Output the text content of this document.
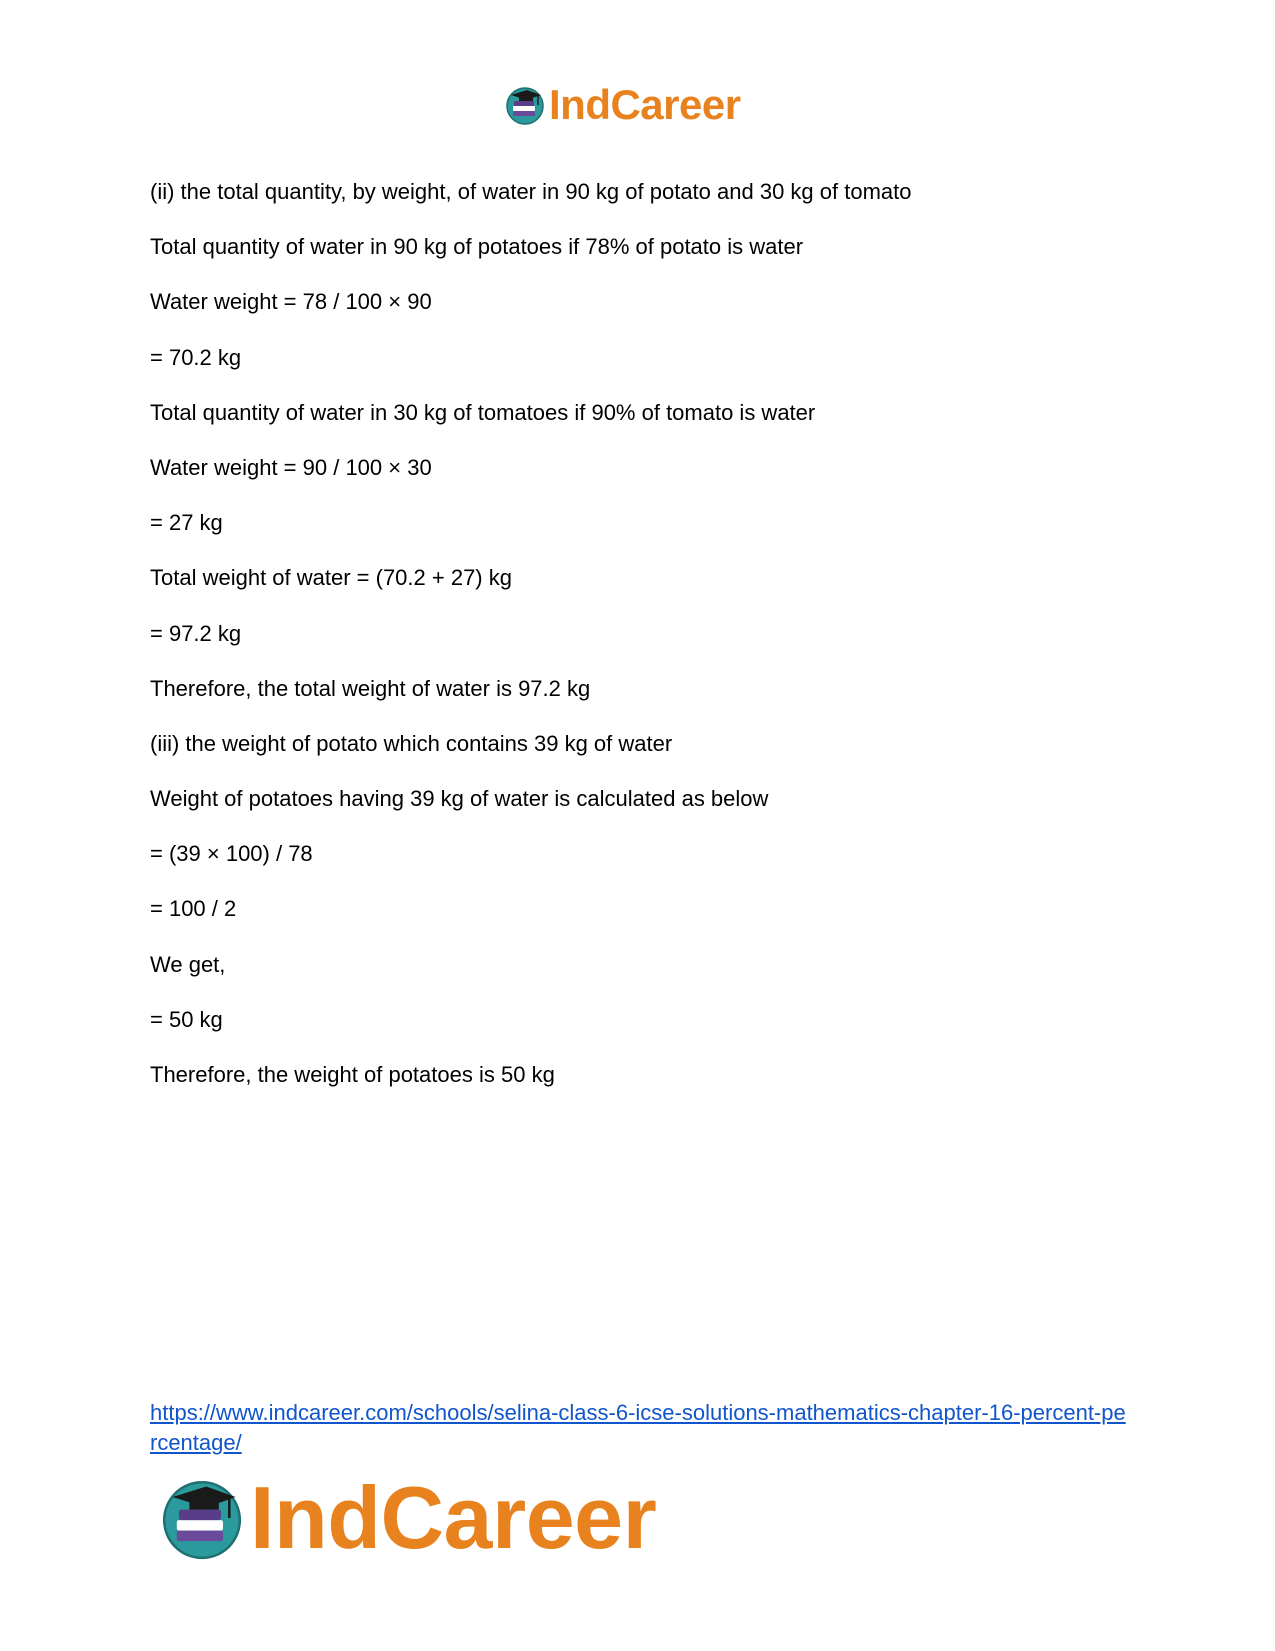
IndCareer

(ii) the total quantity, by weight, of water in 90 kg of potato and 30 kg of tomato

Total quantity of water in 90 kg of potatoes if 78% of potato is water

Water weight = 78 / 100 × 90

= 70.2 kg

Total quantity of water in 30 kg of tomatoes if 90% of tomato is water

Water weight = 90 / 100 × 30

= 27 kg

Total weight of water = (70.2 + 27) kg

= 97.2 kg

Therefore, the total weight of water is 97.2 kg

(iii) the weight of potato which contains 39 kg of water

Weight of potatoes having 39 kg of water is calculated as below

= (39 × 100) / 78

= 100 / 2

We get,

= 50 kg

Therefore, the weight of potatoes is 50 kg

https://www.indcareer.com/schools/selina-class-6-icse-solutions-mathematics-chapter-16-percent-percentage/
IndCareer
